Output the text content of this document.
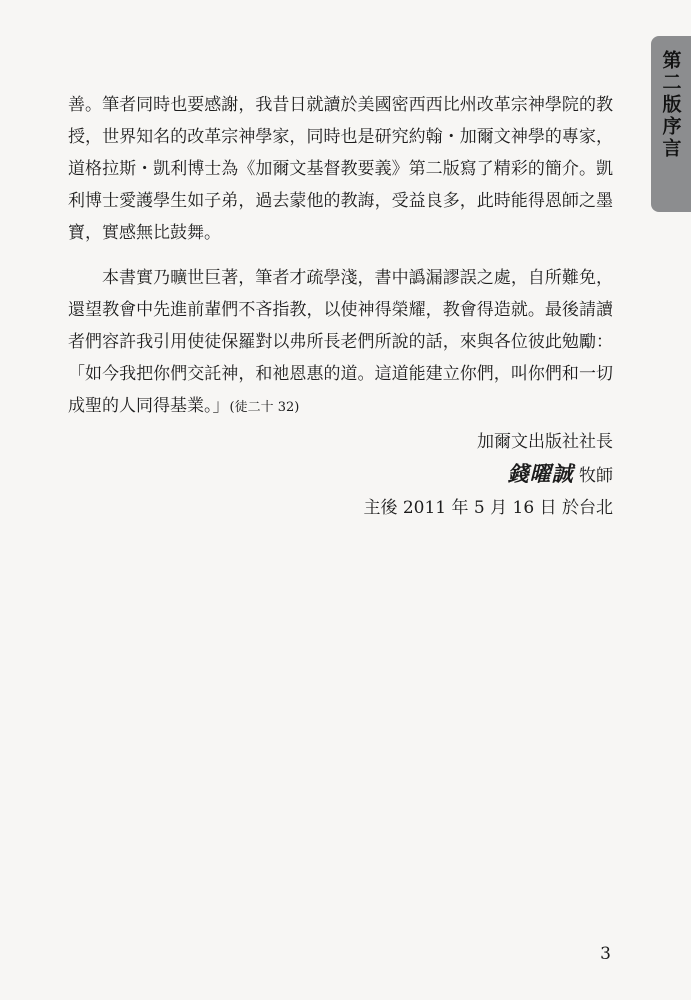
第二版序言

善。筆者同時也要感謝，我昔日就讀於美國密西西比州改革宗神學院的教授，世界知名的改革宗神學家，同時也是研究約翰・加爾文神學的專家，道格拉斯・凱利博士為《加爾文基督教要義》第二版寫了精彩的簡介。凱利博士愛護學生如子弟，過去蒙他的教誨，受益良多，此時能得恩師之墨寶，實感無比鼓舞。

本書實乃曠世巨著，筆者才疏學淺，書中譌漏謬誤之處，自所難免，還望教會中先進前輩們不吝指教，以使神得榮耀，教會得造就。最後請讀者們容許我引用使徒保羅對以弗所長老們所說的話，來與各位彼此勉勵：「如今我把你們交託神，和祂恩惠的道。這道能建立你們，叫你們和一切成聖的人同得基業。」(徒二十 32)

加爾文出版社社長
錢曜誠 牧師
主後 2011 年 5 月 16 日 於台北
3
